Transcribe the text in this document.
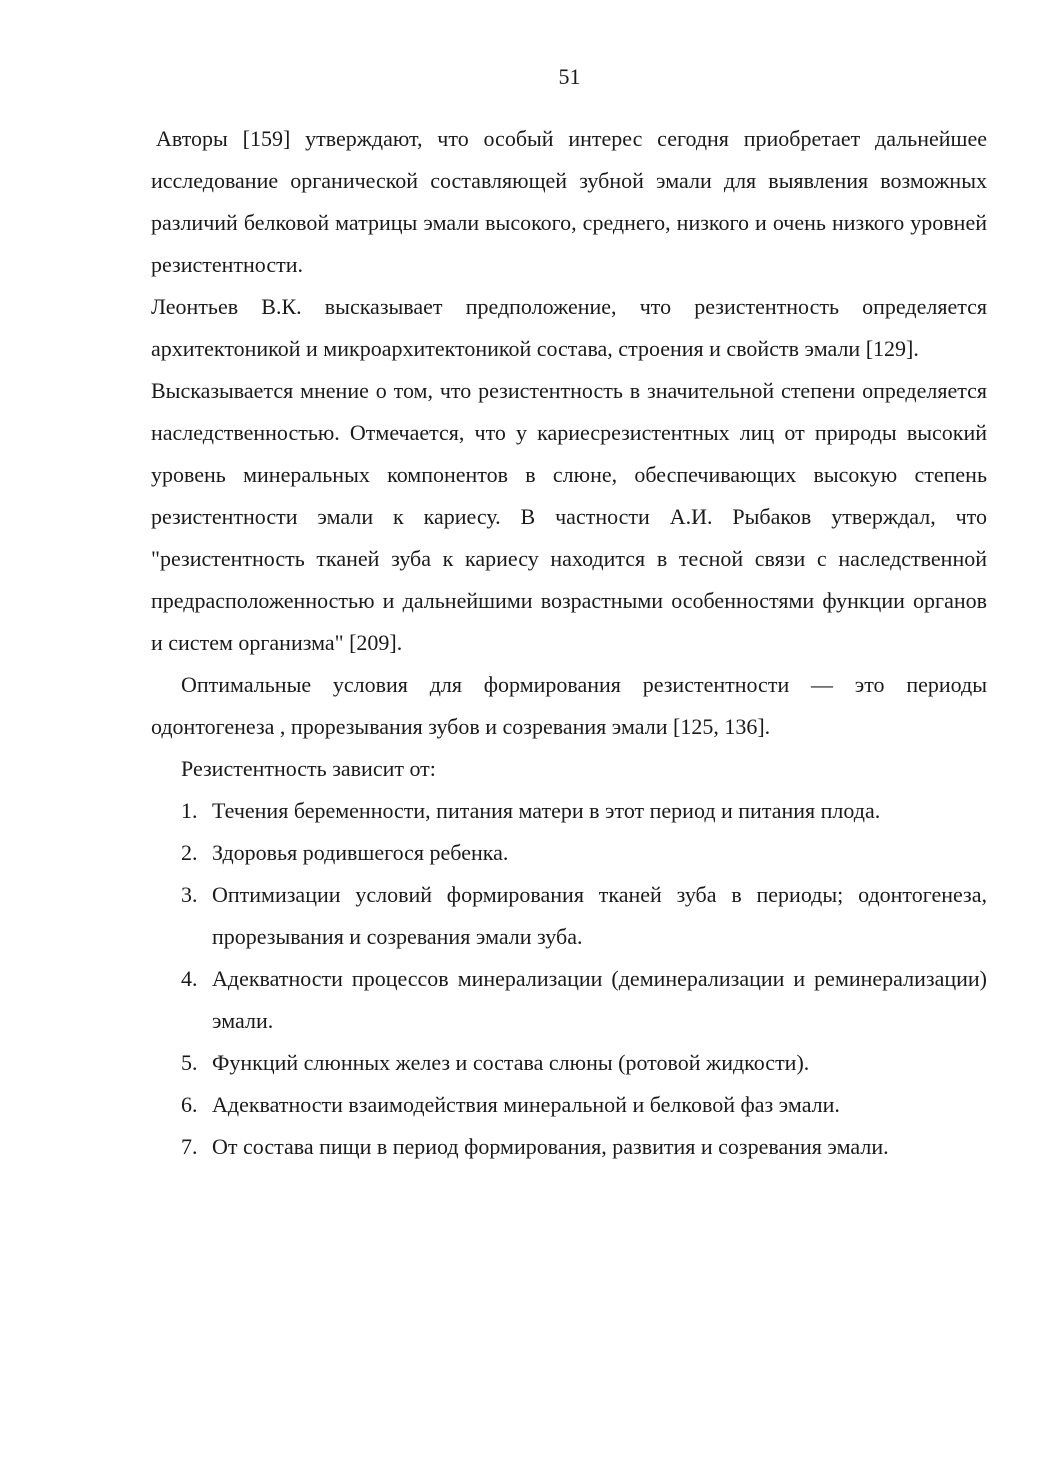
51

Авторы [159] утверждают, что особый интерес сегодня приобретает дальнейшее исследование органической составляющей зубной эмали для выявления возможных различий белковой матрицы эмали высокого, среднего, низкого и очень низкого уровней резистентности.

Леонтьев В.К. высказывает предположение, что резистентность определяется архитектоникой и микроархитектоникой состава, строения и свойств эмали [129].

Высказывается мнение о том, что резистентность в значительной степени определяется наследственностью. Отмечается, что у кариесрезистентных лиц от природы высокий уровень минеральных компонентов в слюне, обеспечивающих высокую степень резистентности эмали к кариесу. В частности А.И. Рыбаков утверждал, что "резистентность тканей зуба к кариесу находится в тесной связи с наследственной предрасположенностью и дальнейшими возрастными особенностями функции органов и систем организма" [209].

Оптимальные условия для формирования резистентности — это периоды одонтогенеза , прорезывания зубов и созревания эмали [125, 136].

Резистентность зависит от:

1. Течения беременности, питания матери в этот период и питания плода.
2. Здоровья родившегося ребенка.
3. Оптимизации условий формирования тканей зуба в периоды; одонтогенеза, прорезывания и созревания эмали зуба.
4. Адекватности процессов минерализации (деминерализации и реминерализации) эмали.
5. Функций слюнных желез и состава слюны (ротовой жидкости).
6. Адекватности взаимодействия минеральной и белковой фаз эмали.
7. От состава пищи в период формирования, развития и созревания эмали.
